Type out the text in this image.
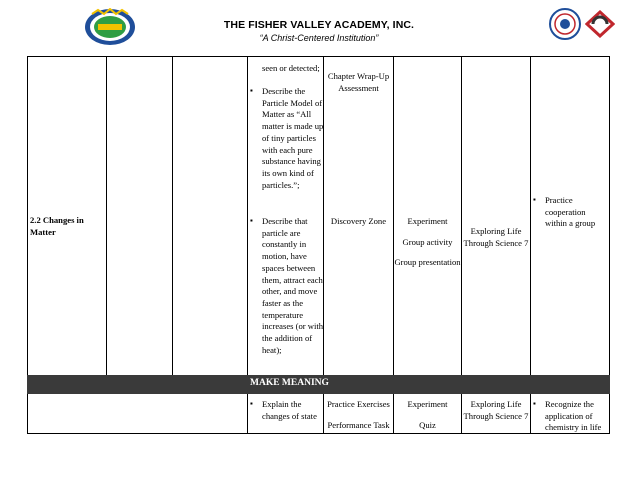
THE FISHER VALLEY ACADEMY, INC.
“A Christ-Centered Institution”
2.2 Changes in Matter
seen or detected;
▪ Describe the Particle Model of Matter as “All matter is made up of tiny particles with each pure substance having its own kind of particles.”;
▪ Describe that particle are constantly in motion, have spaces between them, attract each other, and move faster as the temperature increases (or with the addition of heat);
Chapter Wrap-Up Assessment
Discovery Zone	Experiment
Group activity
Group presentation
Exploring Life Through Science 7
▪ Practice cooperation within a group
MAKE MEANING
▪ Explain the changes of state
Practice Exercises
Performance Task
Experiment
Quiz
Exploring Life Through Science 7
▪ Recognize the application of chemistry in life
